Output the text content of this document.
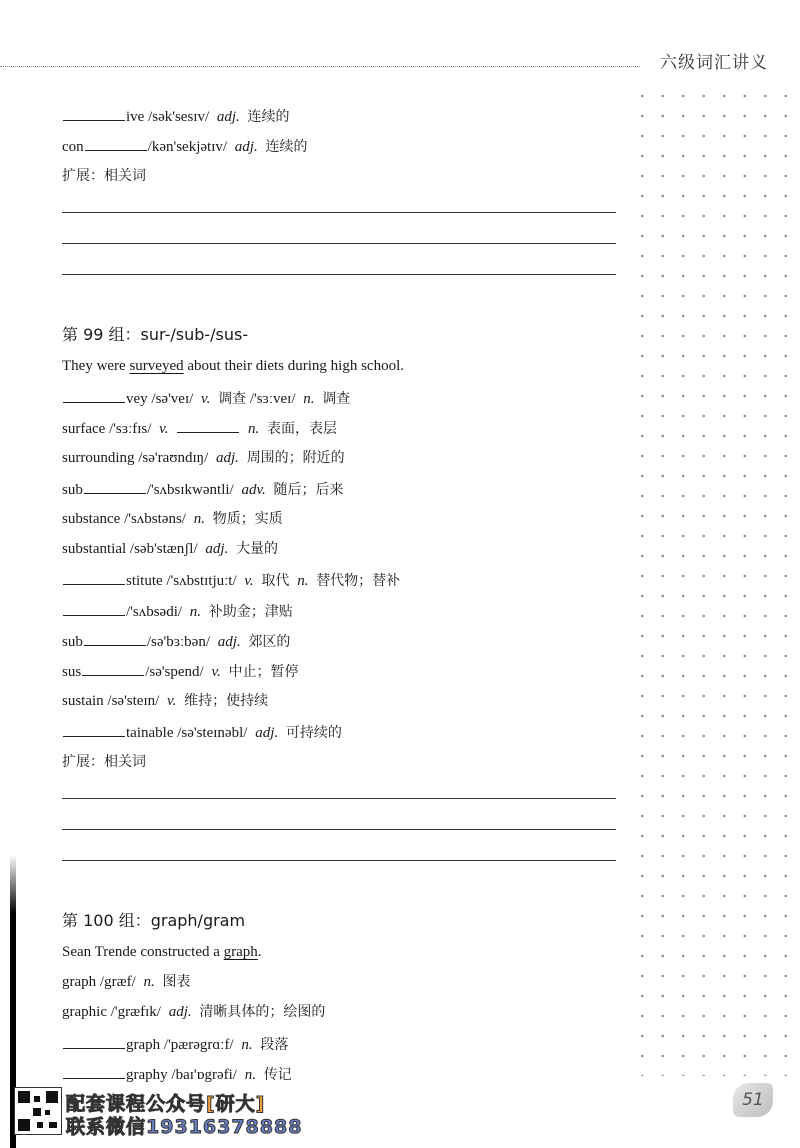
六级词汇讲义
ive /sək'sesɪv/ adj. 连续的
con	/kən'sekjətɪv/ adj. 连续的
扩展：相关词
第 99 组：sur-/sub-/sus-
They were surveyed about their diets during high school.
vey /sə'veɪ/ v. 调查 /'sɜːveɪ/ n. 调查
surface /'sɜːfɪs/ v.	n. 表面，表层
surrounding /sə'raʊndɪŋ/ adj. 周围的；附近的
sub	/'sʌbsɪkwəntli/ adv. 随后；后来
substance /'sʌbstəns/ n. 物质；实质
substantial /səb'stænʃl/ adj. 大量的
stitute /'sʌbstɪtjuːt/ v. 取代 n. 替代物；替补
/'sʌbsədi/ n. 补助金；津贴
sub	/sə'bɜːbən/ adj. 郊区的
sus	/sə'spend/ v. 中止；暂停
sustain /sə'steɪn/ v. 维持；使持续
tainable /sə'steɪnəbl/ adj. 可持续的
扩展：相关词
第 100 组：graph/gram
Sean Trende constructed a graph.
graph /græf/ n. 图表
graphic /'græfɪk/ adj. 清晰具体的；绘图的
graph /'pærəgrɑːf/ n. 段落
graphy /baɪ'ɒgrəfi/ n. 传记
配套课程公众号[研大]
联系微信19316378888
51
